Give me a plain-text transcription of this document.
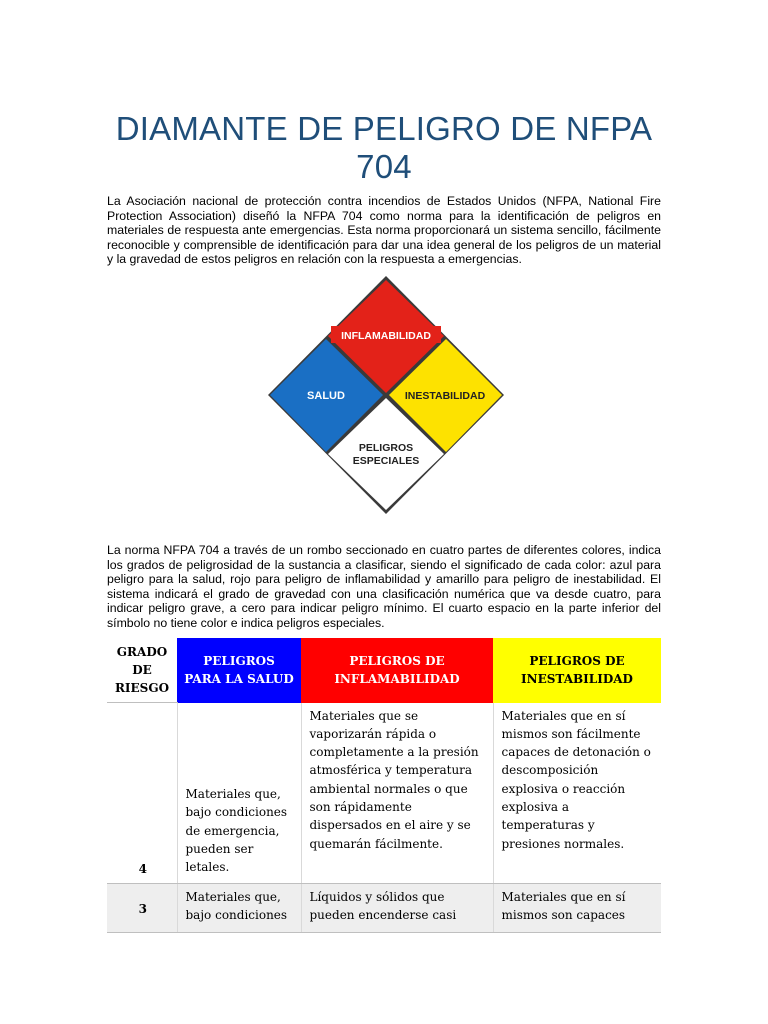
DIAMANTE DE PELIGRO DE NFPA 704

La Asociación nacional de protección contra incendios de Estados Unidos (NFPA, National Fire Protection Association) diseñó la NFPA 704 como norma para la identificación de peligros en materiales de respuesta ante emergencias. Esta norma proporcionará un sistema sencillo, fácilmente reconocible y comprensible de identificación para dar una idea general de los peligros de un material y la gravedad de estos peligros en relación con la respuesta a emergencias.

INFLAMABILIDAD
SALUD	INESTABILIDAD
PELIGROS
ESPECIALES

La norma NFPA 704 a través de un rombo seccionado en cuatro partes de diferentes colores, indica los grados de peligrosidad de la sustancia a clasificar, siendo el significado de cada color: azul para peligro para la salud, rojo para peligro de inflamabilidad y amarillo para peligro de inestabilidad. El sistema indicará el grado de gravedad con una clasificación numérica que va desde cuatro, para indicar peligro grave, a cero para indicar peligro mínimo. El cuarto espacio en la parte inferior del símbolo no tiene color e indica peligros especiales.

GRADO DE RIESGO	PELIGROS PARA LA SALUD	PELIGROS DE INFLAMABILIDAD	PELIGROS DE INESTABILIDAD
4	Materiales que, bajo condiciones de emergencia, pueden ser letales.	Materiales que se vaporizarán rápida o completamente a la presión atmosférica y temperatura ambiental normales o que son rápidamente dispersados en el aire y se quemarán fácilmente.	Materiales que en sí mismos son fácilmente capaces de detonación o descomposición explosiva o reacción explosiva a temperaturas y presiones normales.
3	Materiales que, bajo condiciones	Líquidos y sólidos que pueden encenderse casi	Materiales que en sí mismos son capaces
